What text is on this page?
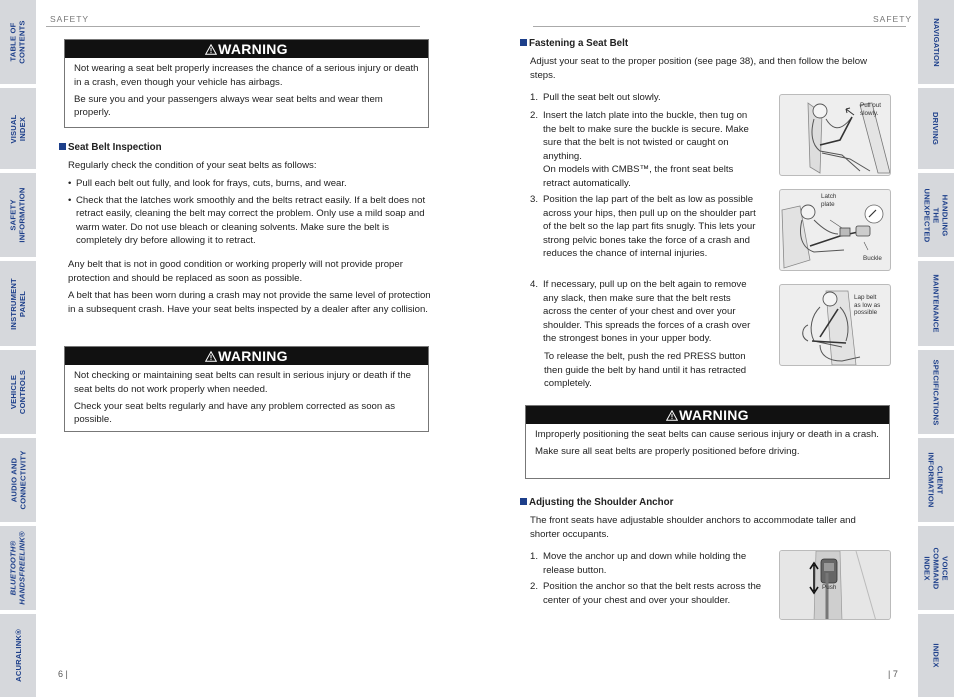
TABLE OF
CONTENTS
VISUAL INDEX
SAFETY
INFORMATION
INSTRUMENT
PANEL
VEHICLE
CONTROLS
AUDIO AND
CONNECTIVITY
BLUETOOTH®
HANDSFREELINK®
ACURALINK®
NAVIGATION
DRIVING
HANDLING THE
UNEXPECTED
MAINTENANCE
SPECIFICATIONS
CLIENT
INFORMATION
VOICE COMMAND
INDEX
INDEX
SAFETY	SAFETY
WARNING

Not wearing a seat belt properly increases the chance of a serious injury or death in a crash, even though your vehicle has airbags.

Be sure you and your passengers always wear seat belts and wear them properly.

Seat Belt Inspection
Regularly check the condition of your seat belts as follows:
• Pull each belt out fully, and look for frays, cuts, burns, and wear.
• Check that the latches work smoothly and the belts retract easily. If a belt does not retract easily, cleaning the belt may correct the problem. Only use a mild soap and warm water. Do not use bleach or cleaning solvents. Make sure the belt is completely dry before allowing it to retract.
Any belt that is not in good condition or working properly will not provide proper protection and should be replaced as soon as possible.
A belt that has been worn during a crash may not provide the same level of protection in a subsequent crash. Have your seat belts inspected by a dealer after any collision.
WARNING

Not checking or maintaining seat belts can result in serious injury or death if the seat belts do not work properly when needed.

Check your seat belts regularly and have any problem corrected as soon as possible.

6 |
Fastening a Seat Belt
Adjust your seat to the proper position (see page 38), and then follow the below steps.
1. Pull the seat belt out slowly.
2. Insert the latch plate into the buckle, then tug on the belt to make sure the buckle is secure. Make sure that the belt is not twisted or caught on anything.
On models with CMBS™, the front seat belts retract automatically.
3. Position the lap part of the belt as low as possible across your hips, then pull up on the shoulder part of the belt so the lap part fits snugly. This lets your strong pelvic bones take the force of a crash and reduces the chance of internal injuries.
4. If necessary, pull up on the belt again to remove any slack, then make sure that the belt rests across the center of your chest and over your shoulder. This spreads the forces of a crash over the strongest bones in your upper body.
To release the belt, push the red PRESS button then guide the belt by hand until it has retracted completely.
Pull out
slowly.
Latch
plate
Buckle
Lap belt
as low as
possible
WARNING

Improperly positioning the seat belts can cause serious injury or death in a crash.

Make sure all seat belts are properly positioned before driving.

Adjusting the Shoulder Anchor
The front seats have adjustable shoulder anchors to accommodate taller and shorter occupants.
1. Move the anchor up and down while holding the release button.
2. Position the anchor so that the belt rests across the center of your chest and over your shoulder.
Push
| 7
